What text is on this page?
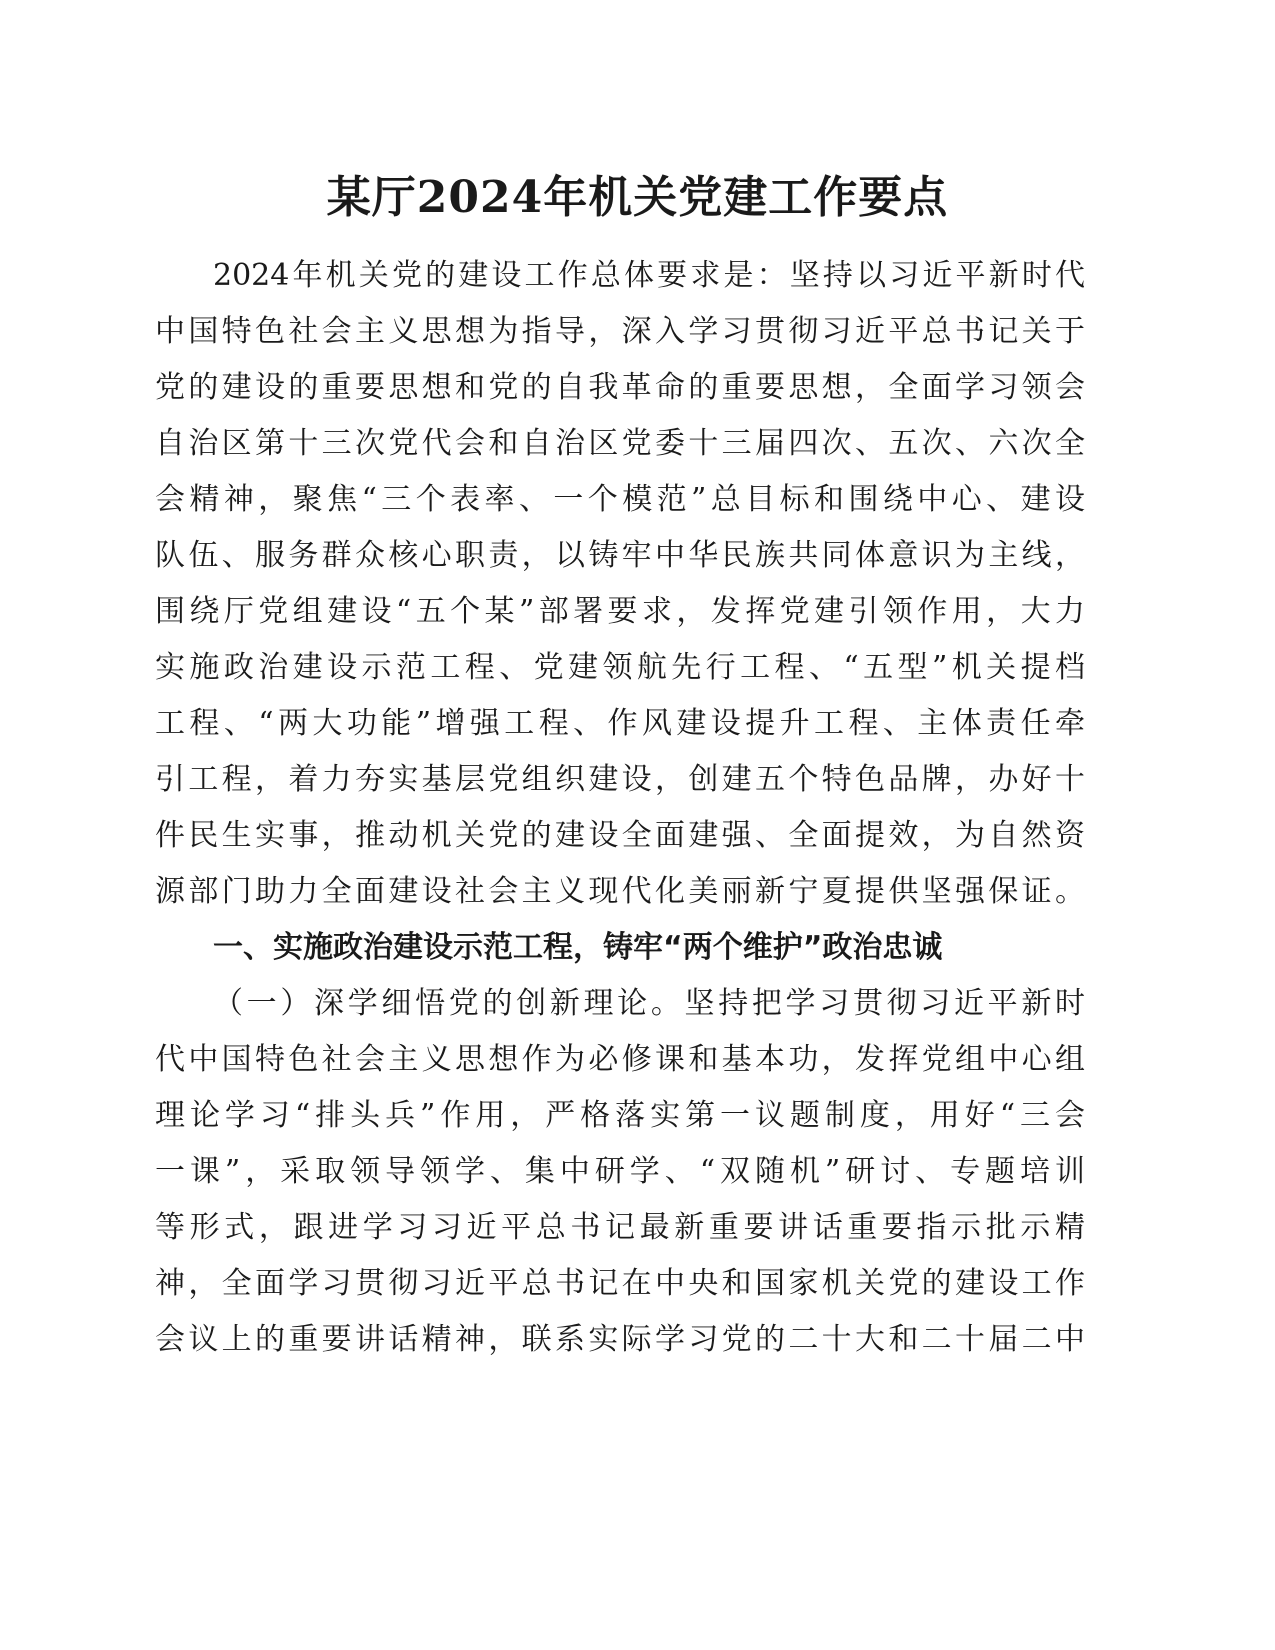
某厅2024年机关党建工作要点

2024年机关党的建设工作总体要求是：坚持以习近平新时代

中国特色社会主义思想为指导，深入学习贯彻习近平总书记关于

党的建设的重要思想和党的自我革命的重要思想，全面学习领会

自治区第十三次党代会和自治区党委十三届四次、五次、六次全

会精神，聚焦“三个表率、一个模范”总目标和围绕中心、建设

队伍、服务群众核心职责，以铸牢中华民族共同体意识为主线，

围绕厅党组建设“五个某”部署要求，发挥党建引领作用，大力

实施政治建设示范工程、党建领航先行工程、“五型”机关提档

工程、“两大功能”增强工程、作风建设提升工程、主体责任牵

引工程，着力夯实基层党组织建设，创建五个特色品牌，办好十

件民生实事，推动机关党的建设全面建强、全面提效，为自然资

源部门助力全面建设社会主义现代化美丽新宁夏提供坚强保证。

一、实施政治建设示范工程，铸牢“两个维护”政治忠诚

（一）深学细悟党的创新理论。坚持把学习贯彻习近平新时

代中国特色社会主义思想作为必修课和基本功，发挥党组中心组

理论学习“排头兵”作用，严格落实第一议题制度，用好“三会

一课”，采取领导领学、集中研学、“双随机”研讨、专题培训

等形式，跟进学习习近平总书记最新重要讲话重要指示批示精

神，全面学习贯彻习近平总书记在中央和国家机关党的建设工作

会议上的重要讲话精神，联系实际学习党的二十大和二十届二中
